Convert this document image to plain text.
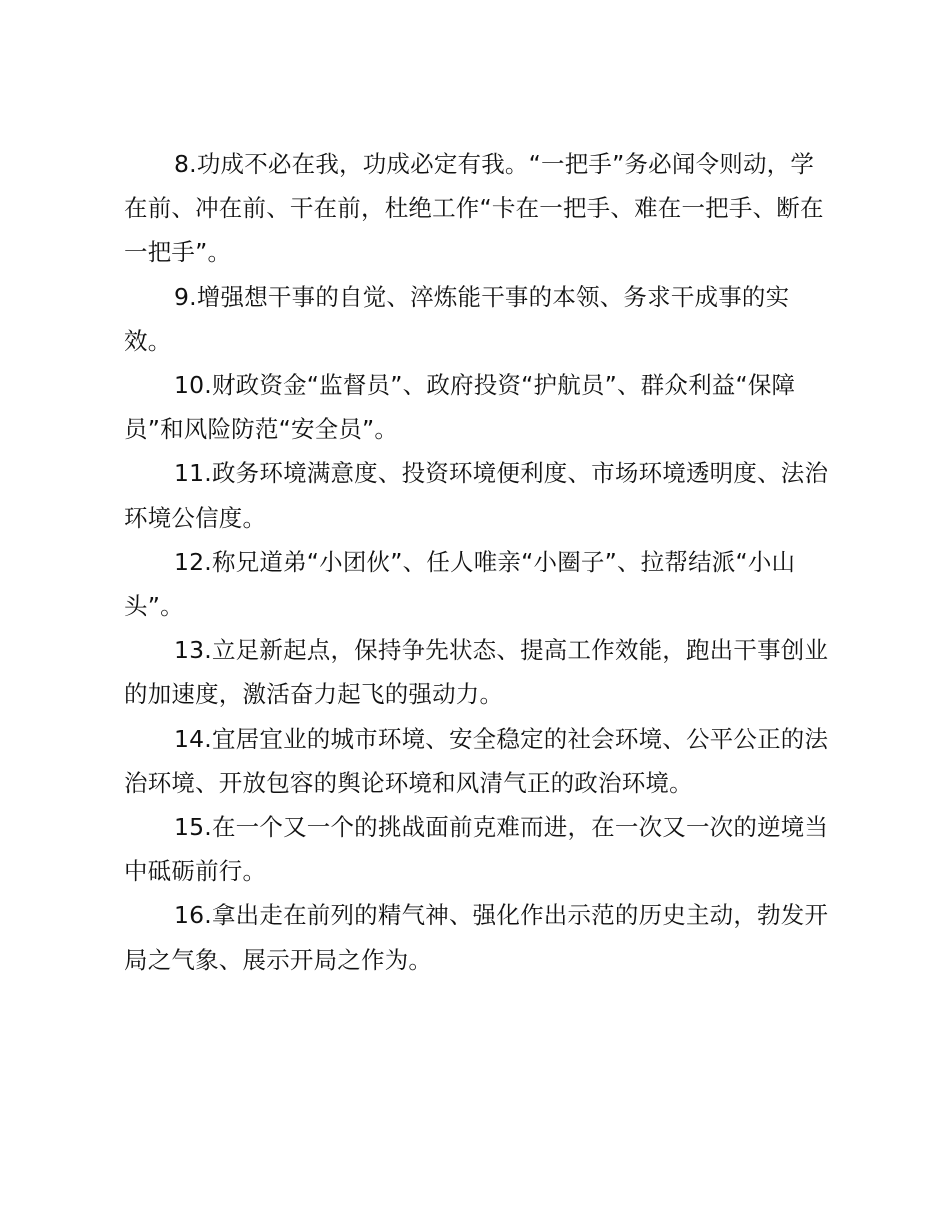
8.功成不必在我，功成必定有我。“一把手”务必闻令则动，学在前、冲在前、干在前，杜绝工作“卡在一把手、难在一把手、断在一把手”。

9.增强想干事的自觉、淬炼能干事的本领、务求干成事的实效。

10.财政资金“监督员”、政府投资“护航员”、群众利益“保障员”和风险防范“安全员”。

11.政务环境满意度、投资环境便利度、市场环境透明度、法治环境公信度。

12.称兄道弟“小团伙”、任人唯亲“小圈子”、拉帮结派“小山头”。

13.立足新起点，保持争先状态、提高工作效能，跑出干事创业的加速度，激活奋力起飞的强动力。

14.宜居宜业的城市环境、安全稳定的社会环境、公平公正的法治环境、开放包容的舆论环境和风清气正的政治环境。

15.在一个又一个的挑战面前克难而进，在一次又一次的逆境当中砥砺前行。

16.拿出走在前列的精气神、强化作出示范的历史主动，勃发开局之气象、展示开局之作为。
